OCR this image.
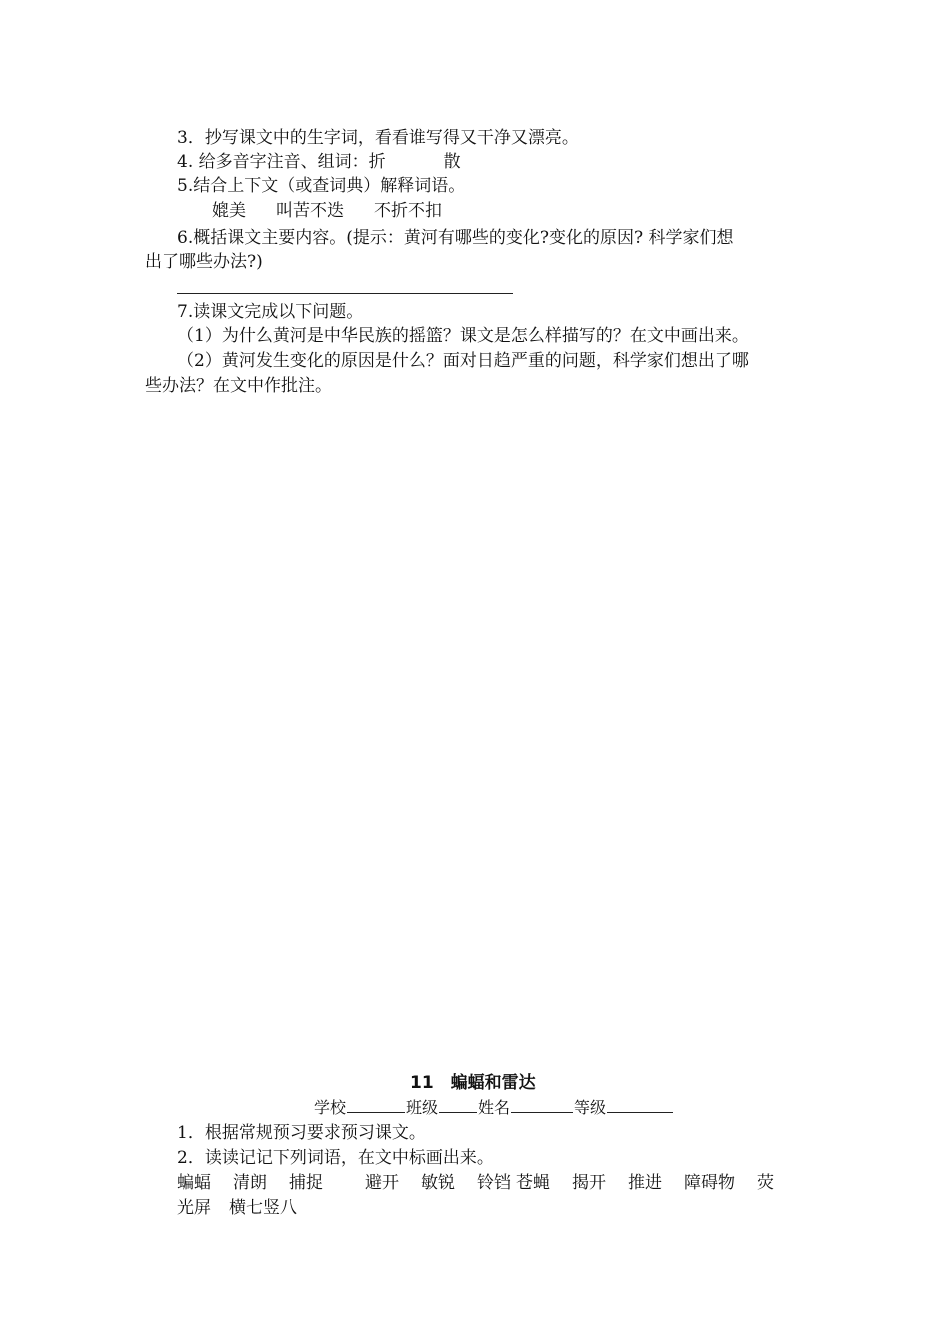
3．抄写课文中的生字词，看看谁写得又干净又漂亮。
4. 给多音字注音、组词：折	散
5.结合上下文（或查词典）解释词语。
媲美 叫苦不迭 不折不扣
6.概括课文主要内容。(提示：黄河有哪些的变化?变化的原因? 科学家们想
出了哪些办法?)
7.读课文完成以下问题。
（1）为什么黄河是中华民族的摇篮？课文是怎么样描写的？在文中画出来。
（2）黄河发生变化的原因是什么？面对日趋严重的问题，科学家们想出了哪
些办法？在文中作批注。
11　蝙蝠和雷达
学校	班级	姓名	等级
1．根据常规预习要求预习课文。
2．读读记记下列词语，在文中标画出来。
蝙蝠 清朗 捕捉 避开 敏锐 铃铛 苍蝇 揭开 推进 障碍物 荧
光屏 横七竖八
